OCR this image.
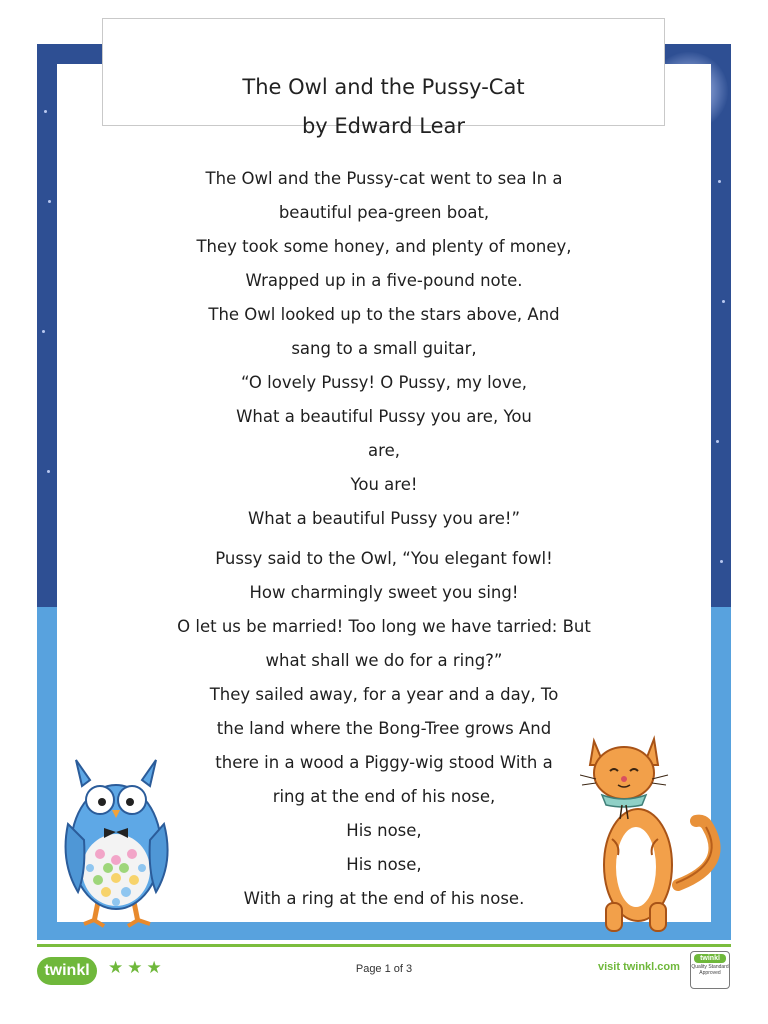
The Owl and the Pussy-Cat
by Edward Lear
The Owl and the Pussy-cat went to sea In a
beautiful pea-green boat,
They took some honey, and plenty of money,
Wrapped up in a five-pound note.
The Owl looked up to the stars above, And
sang to a small guitar,
“O lovely Pussy! O Pussy, my love,
What a beautiful Pussy you are, You
are,
You are!
What a beautiful Pussy you are!”
Pussy said to the Owl, “You elegant fowl!
How charmingly sweet you sing!
O let us be married! Too long we have tarried: But
what shall we do for a ring?”
They sailed away, for a year and a day, To
the land where the Bong-Tree grows And
there in a wood a Piggy-wig stood With a
ring at the end of his nose,
His nose,
His nose,
With a ring at the end of his nose.
twinkl	★★★	Page 1 of 3	visit twinkl.com
twinkl
Quality Standard Approved
